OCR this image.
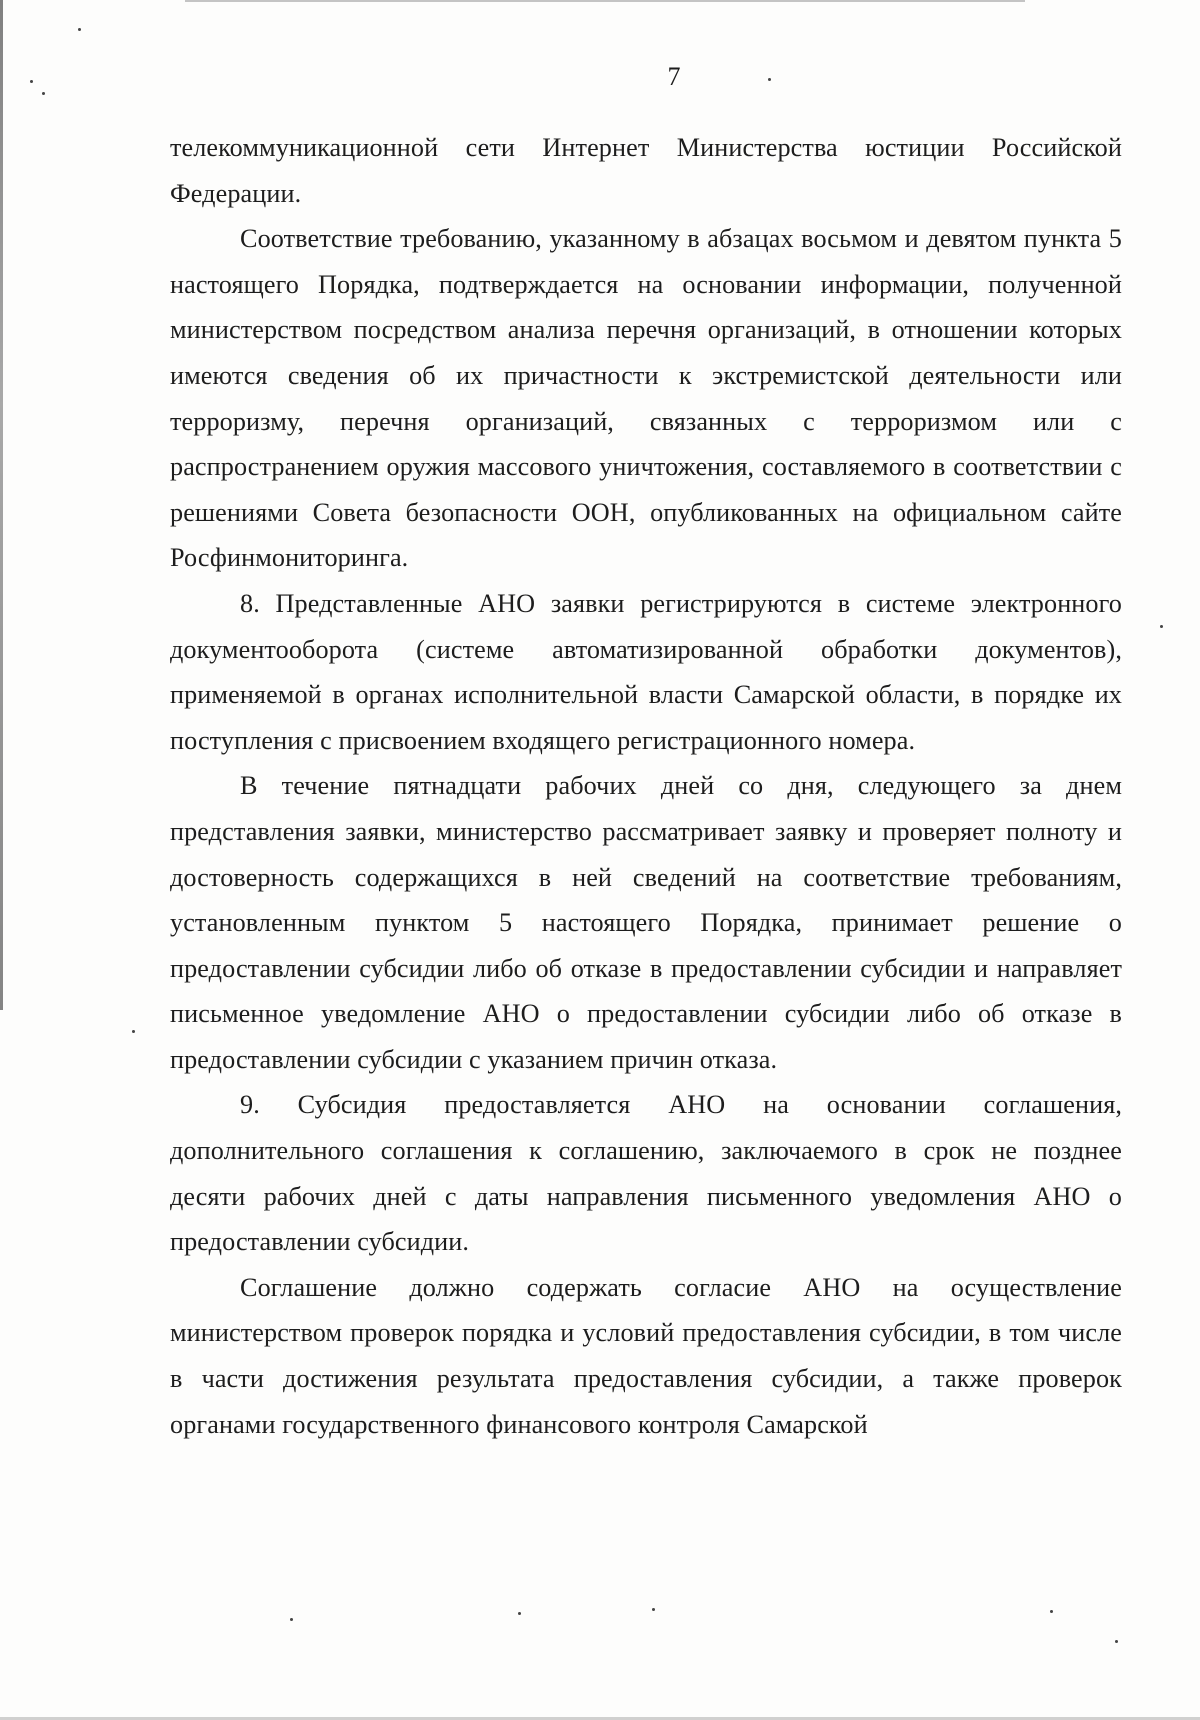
7

телекоммуникационной сети Интернет Министерства юстиции Российской Федерации.

Соответствие требованию, указанному в абзацах восьмом и девятом пункта 5 настоящего Порядка, подтверждается на основании информации, полученной министерством посредством анализа перечня организаций, в отношении которых имеются сведения об их причастности к экстремистской деятельности или терроризму, перечня организаций, связанных с терроризмом или с распространением оружия массового уничтожения, составляемого в соответствии с решениями Совета безопасности ООН, опубликованных на официальном сайте Росфинмониторинга.

8. Представленные АНО заявки регистрируются в системе электронного документооборота (системе автоматизированной обработки документов), применяемой в органах исполнительной власти Самарской области, в порядке их поступления с присвоением входящего регистрационного номера.

В течение пятнадцати рабочих дней со дня, следующего за днем представления заявки, министерство рассматривает заявку и проверяет полноту и достоверность содержащихся в ней сведений на соответствие требованиям, установленным пунктом 5 настоящего Порядка, принимает решение о предоставлении субсидии либо об отказе в предоставлении субсидии и направляет письменное уведомление АНО о предоставлении субсидии либо об отказе в предоставлении субсидии с указанием причин отказа.

9. Субсидия предоставляется АНО на основании соглашения, дополнительного соглашения к соглашению, заключаемого в срок не позднее десяти рабочих дней с даты направления письменного уведомления АНО о предоставлении субсидии.

Соглашение должно содержать согласие АНО на осуществление министерством проверок порядка и условий предоставления субсидии, в том числе в части достижения результата предоставления субсидии, а также проверок органами государственного финансового контроля Самарской
